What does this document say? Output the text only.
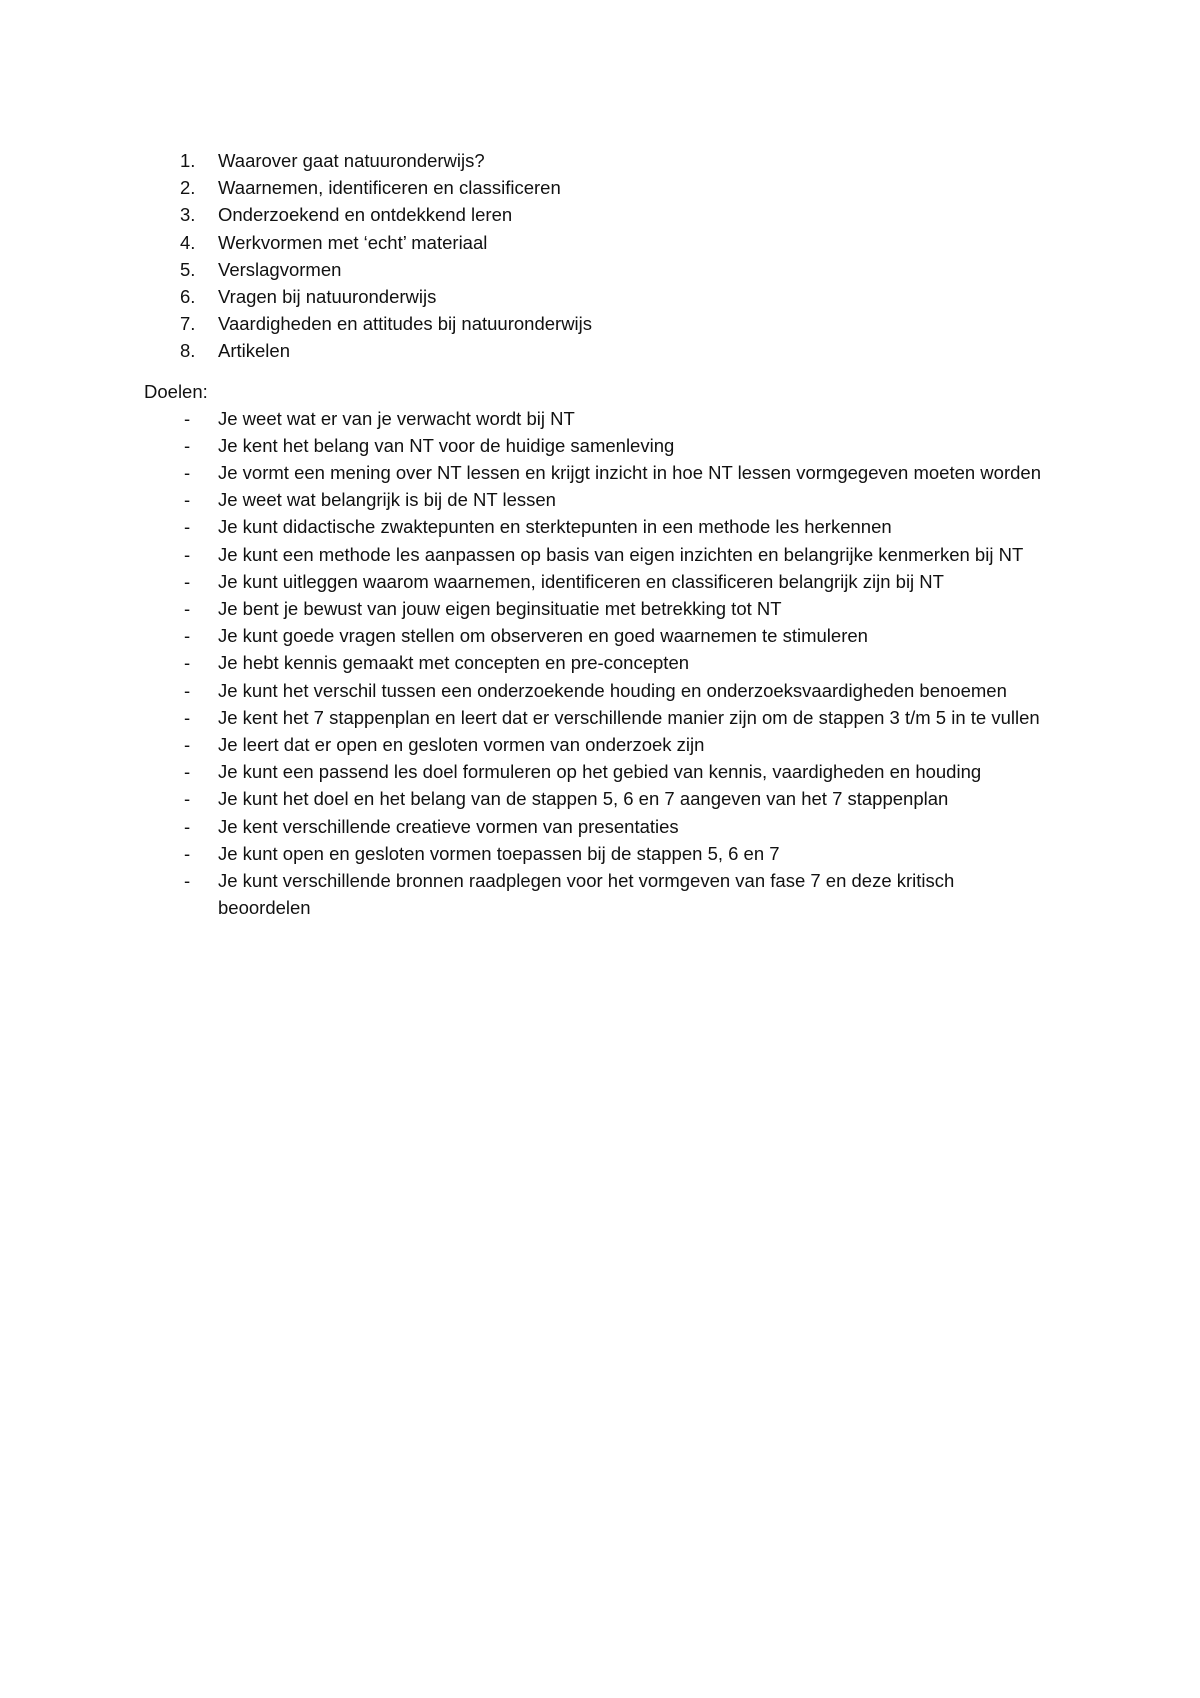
1.	Waarover gaat natuuronderwijs?
2.	Waarnemen, identificeren en classificeren
3.	Onderzoekend en ontdekkend leren
4.	Werkvormen met ‘echt’ materiaal
5.	Verslagvormen
6.	Vragen bij natuuronderwijs
7.	Vaardigheden en attitudes bij natuuronderwijs
8.	Artikelen

Doelen:

-	Je weet wat er van je verwacht wordt bij NT
-	Je kent het belang van NT voor de huidige samenleving
-	Je vormt een mening over NT lessen en krijgt inzicht in hoe NT lessen vormgegeven moeten worden
-	Je weet wat belangrijk is bij de NT lessen
-	Je kunt didactische zwaktepunten en sterktepunten in een methode les herkennen
-	Je kunt een methode les aanpassen op basis van eigen inzichten en belangrijke kenmerken bij NT
-	Je kunt uitleggen waarom waarnemen, identificeren en classificeren belangrijk zijn bij NT
-	Je bent je bewust van jouw eigen beginsituatie met betrekking tot NT
-	Je kunt goede vragen stellen om observeren en goed waarnemen te stimuleren
-	Je hebt kennis gemaakt met concepten en pre-concepten
-	Je kunt het verschil tussen een onderzoekende houding en onderzoeksvaardigheden benoemen
-	Je kent het 7 stappenplan en leert dat er verschillende manier zijn om de stappen 3 t/m 5 in te vullen
-	Je leert dat er open en gesloten vormen van onderzoek zijn
-	Je kunt een passend les doel formuleren op het gebied van kennis, vaardigheden en houding
-	Je kunt het doel en het belang van de stappen 5, 6 en 7 aangeven van het 7 stappenplan
-	Je kent verschillende creatieve vormen van presentaties
-	Je kunt open en gesloten vormen toepassen bij de stappen 5, 6 en 7
-	Je kunt verschillende bronnen raadplegen voor het vormgeven van fase 7 en deze kritisch beoordelen
